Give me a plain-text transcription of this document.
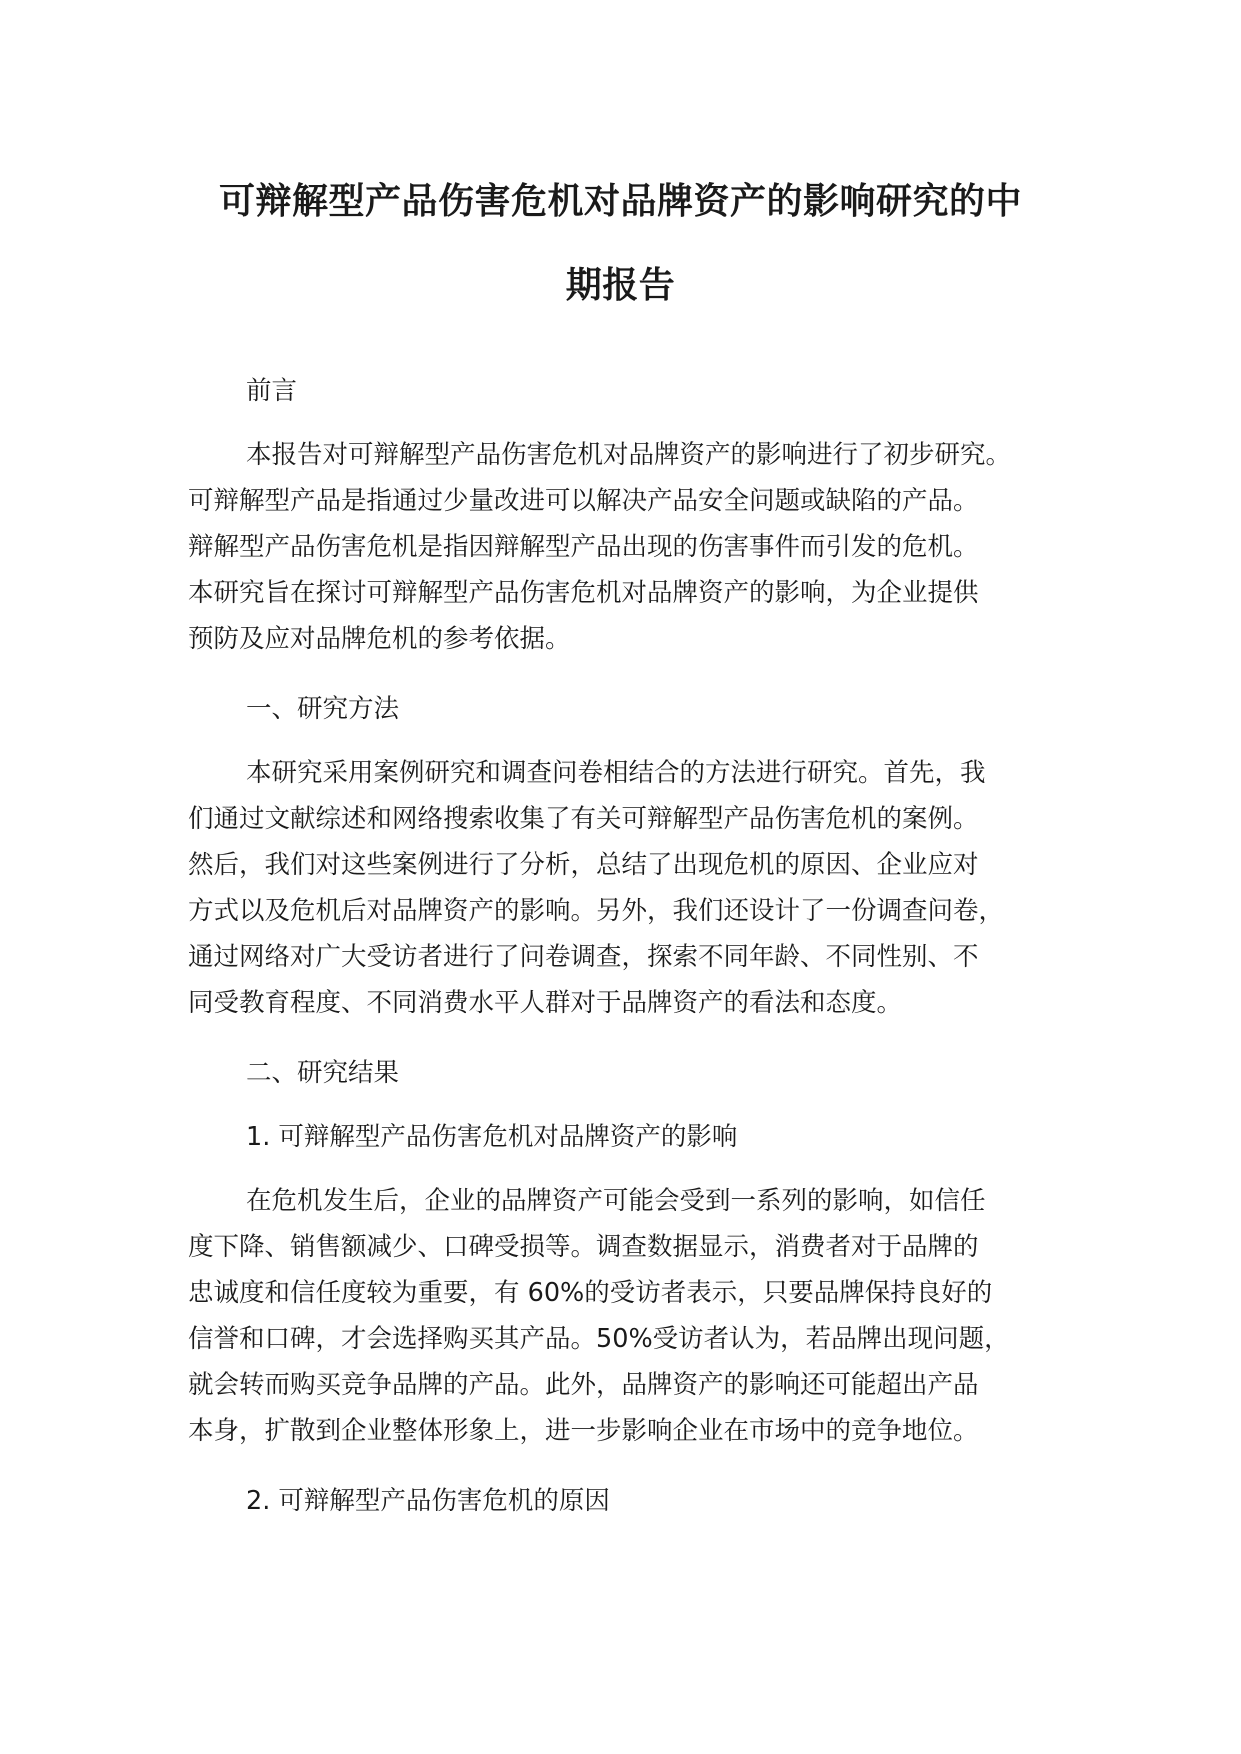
可辩解型产品伤害危机对品牌资产的影响研究的中
期报告

前言

本报告对可辩解型产品伤害危机对品牌资产的影响进行了初步研究。
可辩解型产品是指通过少量改进可以解决产品安全问题或缺陷的产品。
辩解型产品伤害危机是指因辩解型产品出现的伤害事件而引发的危机。
本研究旨在探讨可辩解型产品伤害危机对品牌资产的影响，为企业提供
预防及应对品牌危机的参考依据。

一、研究方法

本研究采用案例研究和调查问卷相结合的方法进行研究。首先，我
们通过文献综述和网络搜索收集了有关可辩解型产品伤害危机的案例。
然后，我们对这些案例进行了分析，总结了出现危机的原因、企业应对
方式以及危机后对品牌资产的影响。另外，我们还设计了一份调查问卷，
通过网络对广大受访者进行了问卷调查，探索不同年龄、不同性别、不
同受教育程度、不同消费水平人群对于品牌资产的看法和态度。

二、研究结果

1. 可辩解型产品伤害危机对品牌资产的影响

在危机发生后，企业的品牌资产可能会受到一系列的影响，如信任
度下降、销售额减少、口碑受损等。调查数据显示，消费者对于品牌的
忠诚度和信任度较为重要，有 60%的受访者表示，只要品牌保持良好的
信誉和口碑，才会选择购买其产品。50%受访者认为，若品牌出现问题，
就会转而购买竞争品牌的产品。此外，品牌资产的影响还可能超出产品
本身，扩散到企业整体形象上，进一步影响企业在市场中的竞争地位。

2. 可辩解型产品伤害危机的原因
